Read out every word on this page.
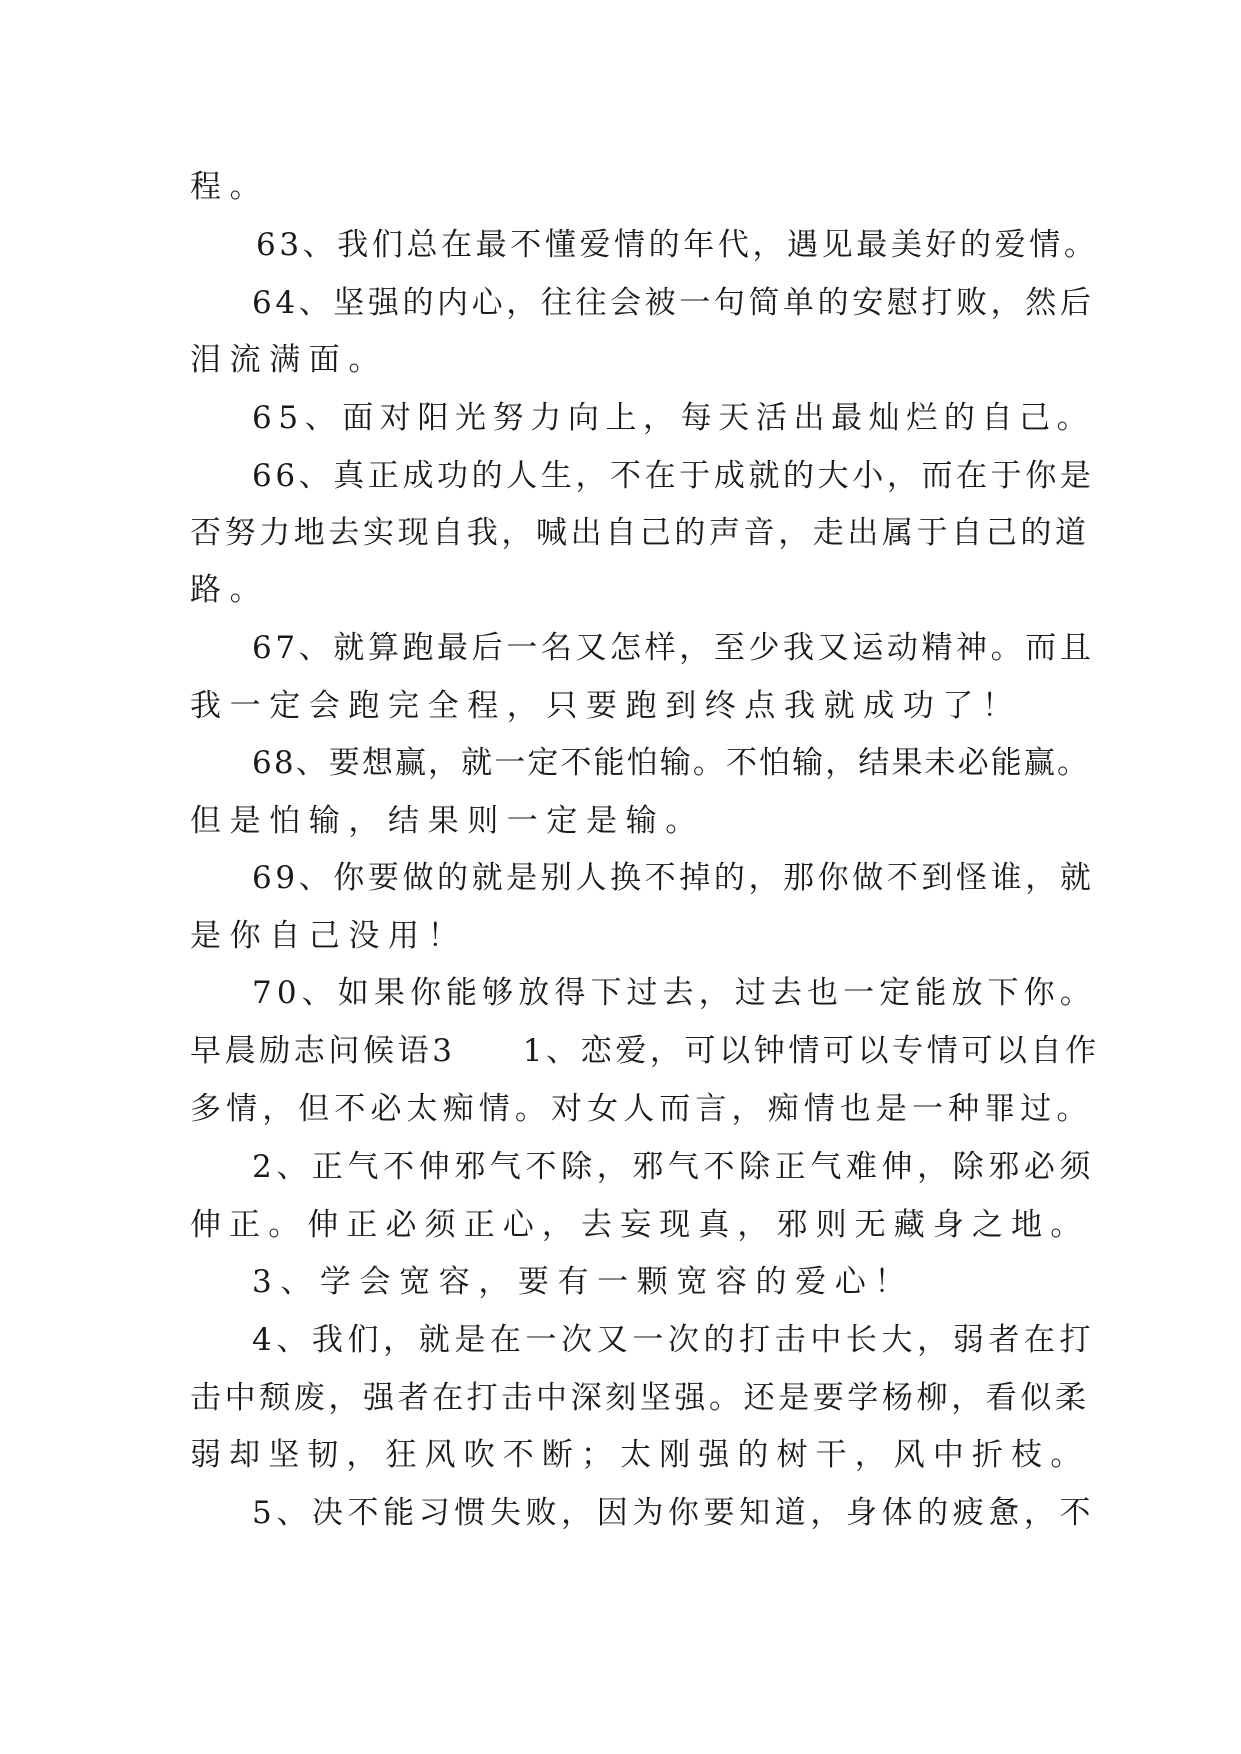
程。
63、我们总在最不懂爱情的年代，遇见最美好的爱情。
64、坚强的内心，往往会被一句简单的安慰打败，然后
泪流满面。
65、面对阳光努力向上，每天活出最灿烂的自己。
66、真正成功的人生，不在于成就的大小，而在于你是
否努力地去实现自我，喊出自己的声音，走出属于自己的道
路。
67、就算跑最后一名又怎样，至少我又运动精神。而且
我一定会跑完全程，只要跑到终点我就成功了！
68、要想赢，就一定不能怕输。不怕输，结果未必能赢。
但是怕输，结果则一定是输。
69、你要做的就是别人换不掉的，那你做不到怪谁，就
是你自己没用！
70、如果你能够放得下过去，过去也一定能放下你。
早晨励志问候语3     1、恋爱，可以钟情可以专情可以自作
多情，但不必太痴情。对女人而言，痴情也是一种罪过。
2、正气不伸邪气不除，邪气不除正气难伸，除邪必须
伸正。伸正必须正心，去妄现真，邪则无藏身之地。
3、学会宽容，要有一颗宽容的爱心！
4、我们，就是在一次又一次的打击中长大，弱者在打
击中颓废，强者在打击中深刻坚强。还是要学杨柳，看似柔
弱却坚韧，狂风吹不断；太刚强的树干，风中折枝。
5、决不能习惯失败，因为你要知道，身体的疲惫，不
